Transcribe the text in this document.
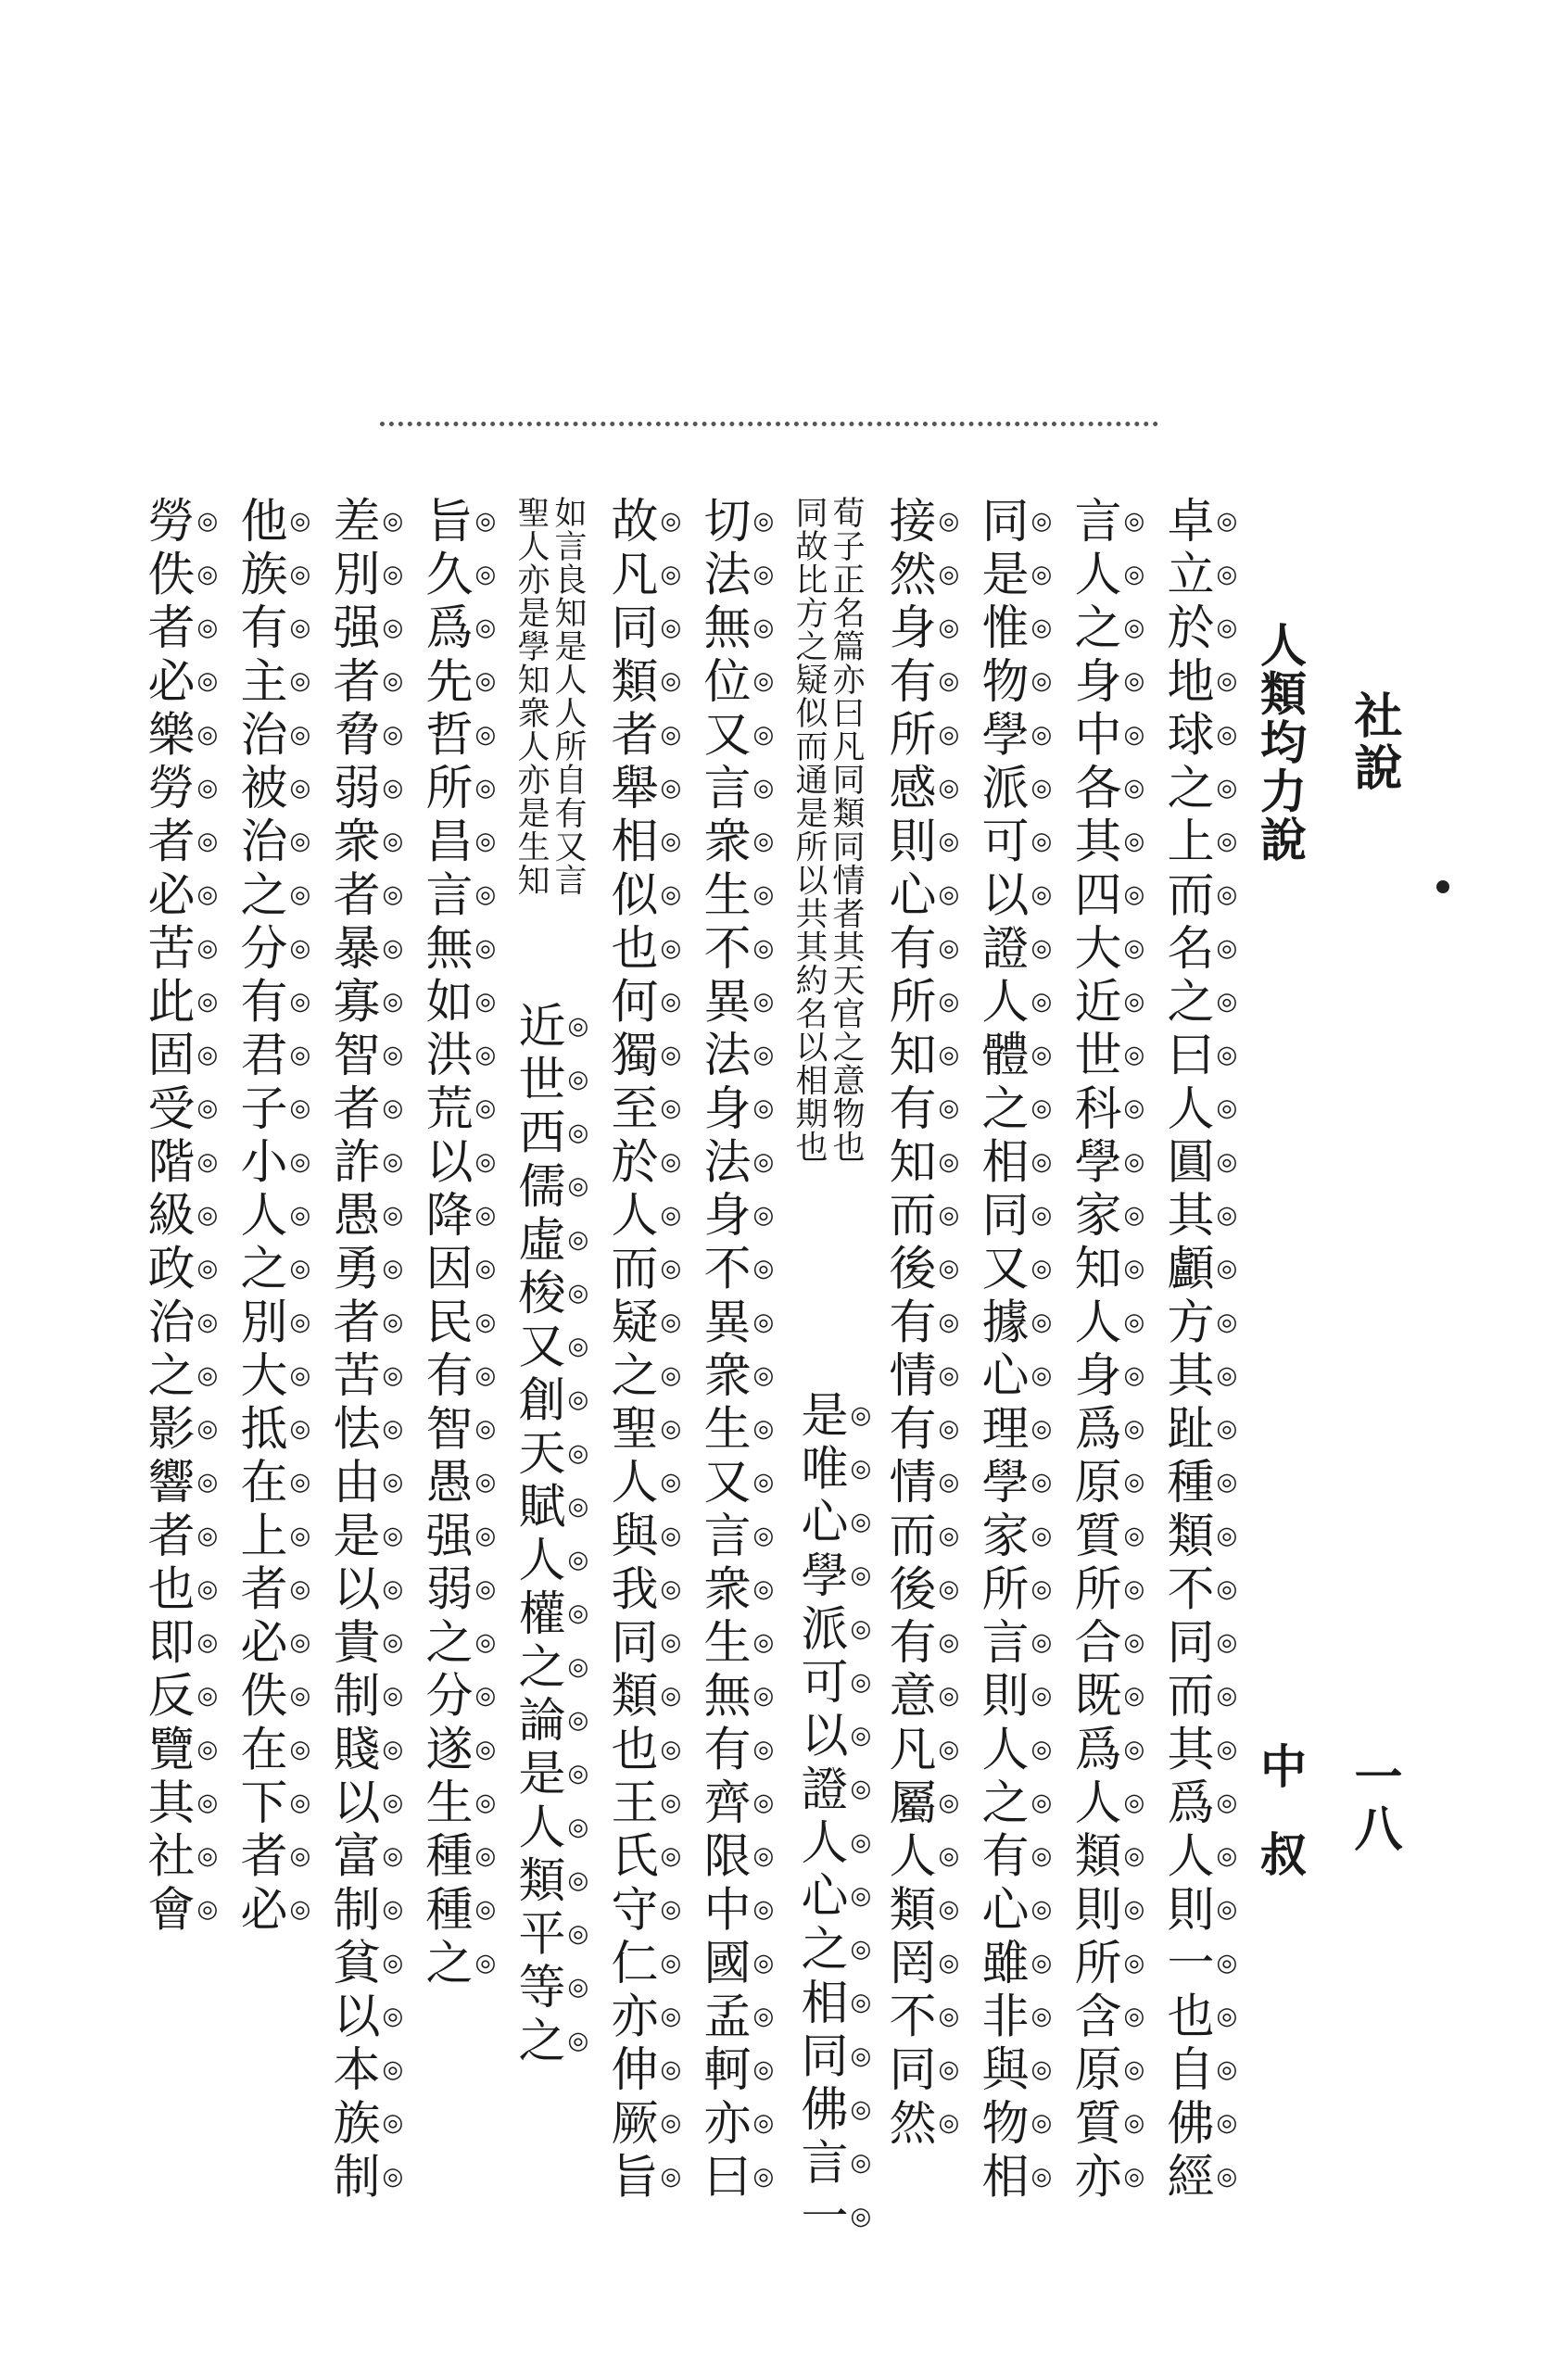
社說
一八
人類均力說
中叔
卓立於地球之上而名之曰人圓其顱方其趾種類不同而其爲人則一也自佛經
言人之身中各其四大近世科學家知人身爲原質所合既爲人類則所含原質亦
同是惟物學派可以證人體之相同又據心理學家所言則人之有心雖非與物相
接然身有所感則心有所知有知而後有情有情而後有意凡屬人類罔不同然
荀子正名篇亦曰凡同類同情者其天官之意物也
同故比方之疑似而通是所以共其約名以相期也
是唯心學派可以證人心之相同佛言一
切法無位又言衆生不異法身法身不異衆生又言衆生無有齊限中國孟軻亦曰
故凡同類者舉相似也何獨至於人而疑之聖人與我同類也王氏守仁亦伸厥旨
如言良知是人人所自有又言
聖人亦是學知衆人亦是生知
近世西儒虛梭又創天賦人權之論是人類平等之
旨久爲先哲所昌言無如洪荒以降因民有智愚强弱之分遂生種種之
差別强者脅弱衆者暴寡智者詐愚勇者苦怯由是以貴制賤以富制貧以本族制
他族有主治被治之分有君子小人之別大抵在上者必佚在下者必
勞佚者必樂勞者必苦此固受階級政治之影響者也即反覽其社會
